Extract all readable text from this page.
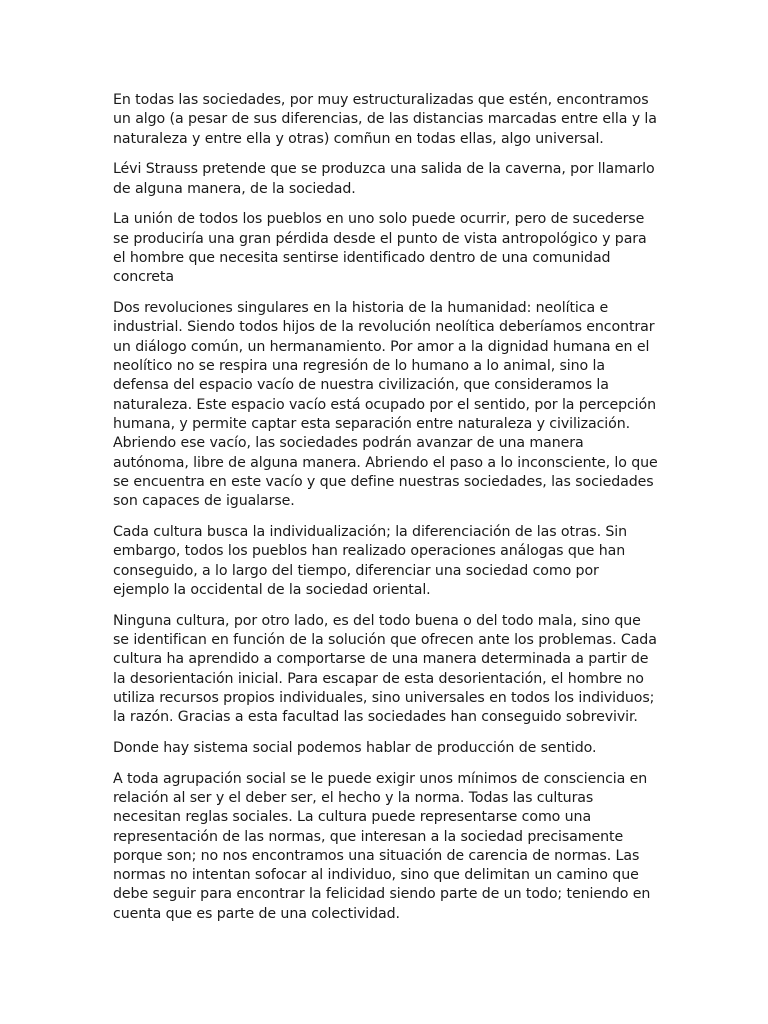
En todas las sociedades, por muy estructuralizadas que estén, encontramos un algo (a pesar de sus diferencias, de las distancias marcadas entre ella y la naturaleza y entre ella y otras) comñun en todas ellas, algo universal.

Lévi Strauss pretende que se produzca una salida de la caverna, por llamarlo de alguna manera, de la sociedad.

La unión de todos los pueblos en uno solo puede ocurrir, pero de sucederse se produciría una gran pérdida desde el punto de vista antropológico y para el hombre que necesita sentirse identificado dentro de una comunidad concreta

Dos revoluciones singulares en la historia de la humanidad: neolítica e industrial. Siendo todos hijos de la revolución neolítica deberíamos encontrar un diálogo común, un hermanamiento. Por amor a la dignidad humana en el neolítico no se respira una regresión de lo humano a lo animal, sino la defensa del espacio vacío de nuestra civilización, que consideramos la naturaleza. Este espacio vacío está ocupado por el sentido, por la percepción humana, y permite captar esta separación entre naturaleza y civilización. Abriendo ese vacío, las sociedades podrán avanzar de una manera autónoma, libre de alguna manera. Abriendo el paso a lo inconsciente, lo que se encuentra en este vacío y que define nuestras sociedades, las sociedades son capaces de igualarse.

Cada cultura busca la individualización; la diferenciación de las otras. Sin embargo, todos los pueblos han realizado operaciones análogas que han conseguido, a lo largo del tiempo, diferenciar una sociedad como por ejemplo la occidental de la sociedad oriental.

Ninguna cultura, por otro lado, es del todo buena o del todo mala, sino que se identifican en función de la solución que ofrecen ante los problemas. Cada cultura ha aprendido a comportarse de una manera determinada a partir de la desorientación inicial. Para escapar de esta desorientación, el hombre no utiliza recursos propios individuales, sino universales en todos los individuos; la razón. Gracias a esta facultad las sociedades han conseguido sobrevivir.

Donde hay sistema social podemos hablar de producción de sentido.

A toda agrupación social se le puede exigir unos mínimos de consciencia en relación al ser y el deber ser, el hecho y la norma. Todas las culturas necesitan reglas sociales. La cultura puede representarse como una representación de las normas, que interesan a la sociedad precisamente porque son; no nos encontramos una situación de carencia de normas. Las normas no intentan sofocar al individuo, sino que delimitan un camino que debe seguir para encontrar la felicidad siendo parte de un todo; teniendo en cuenta que es parte de una colectividad.
